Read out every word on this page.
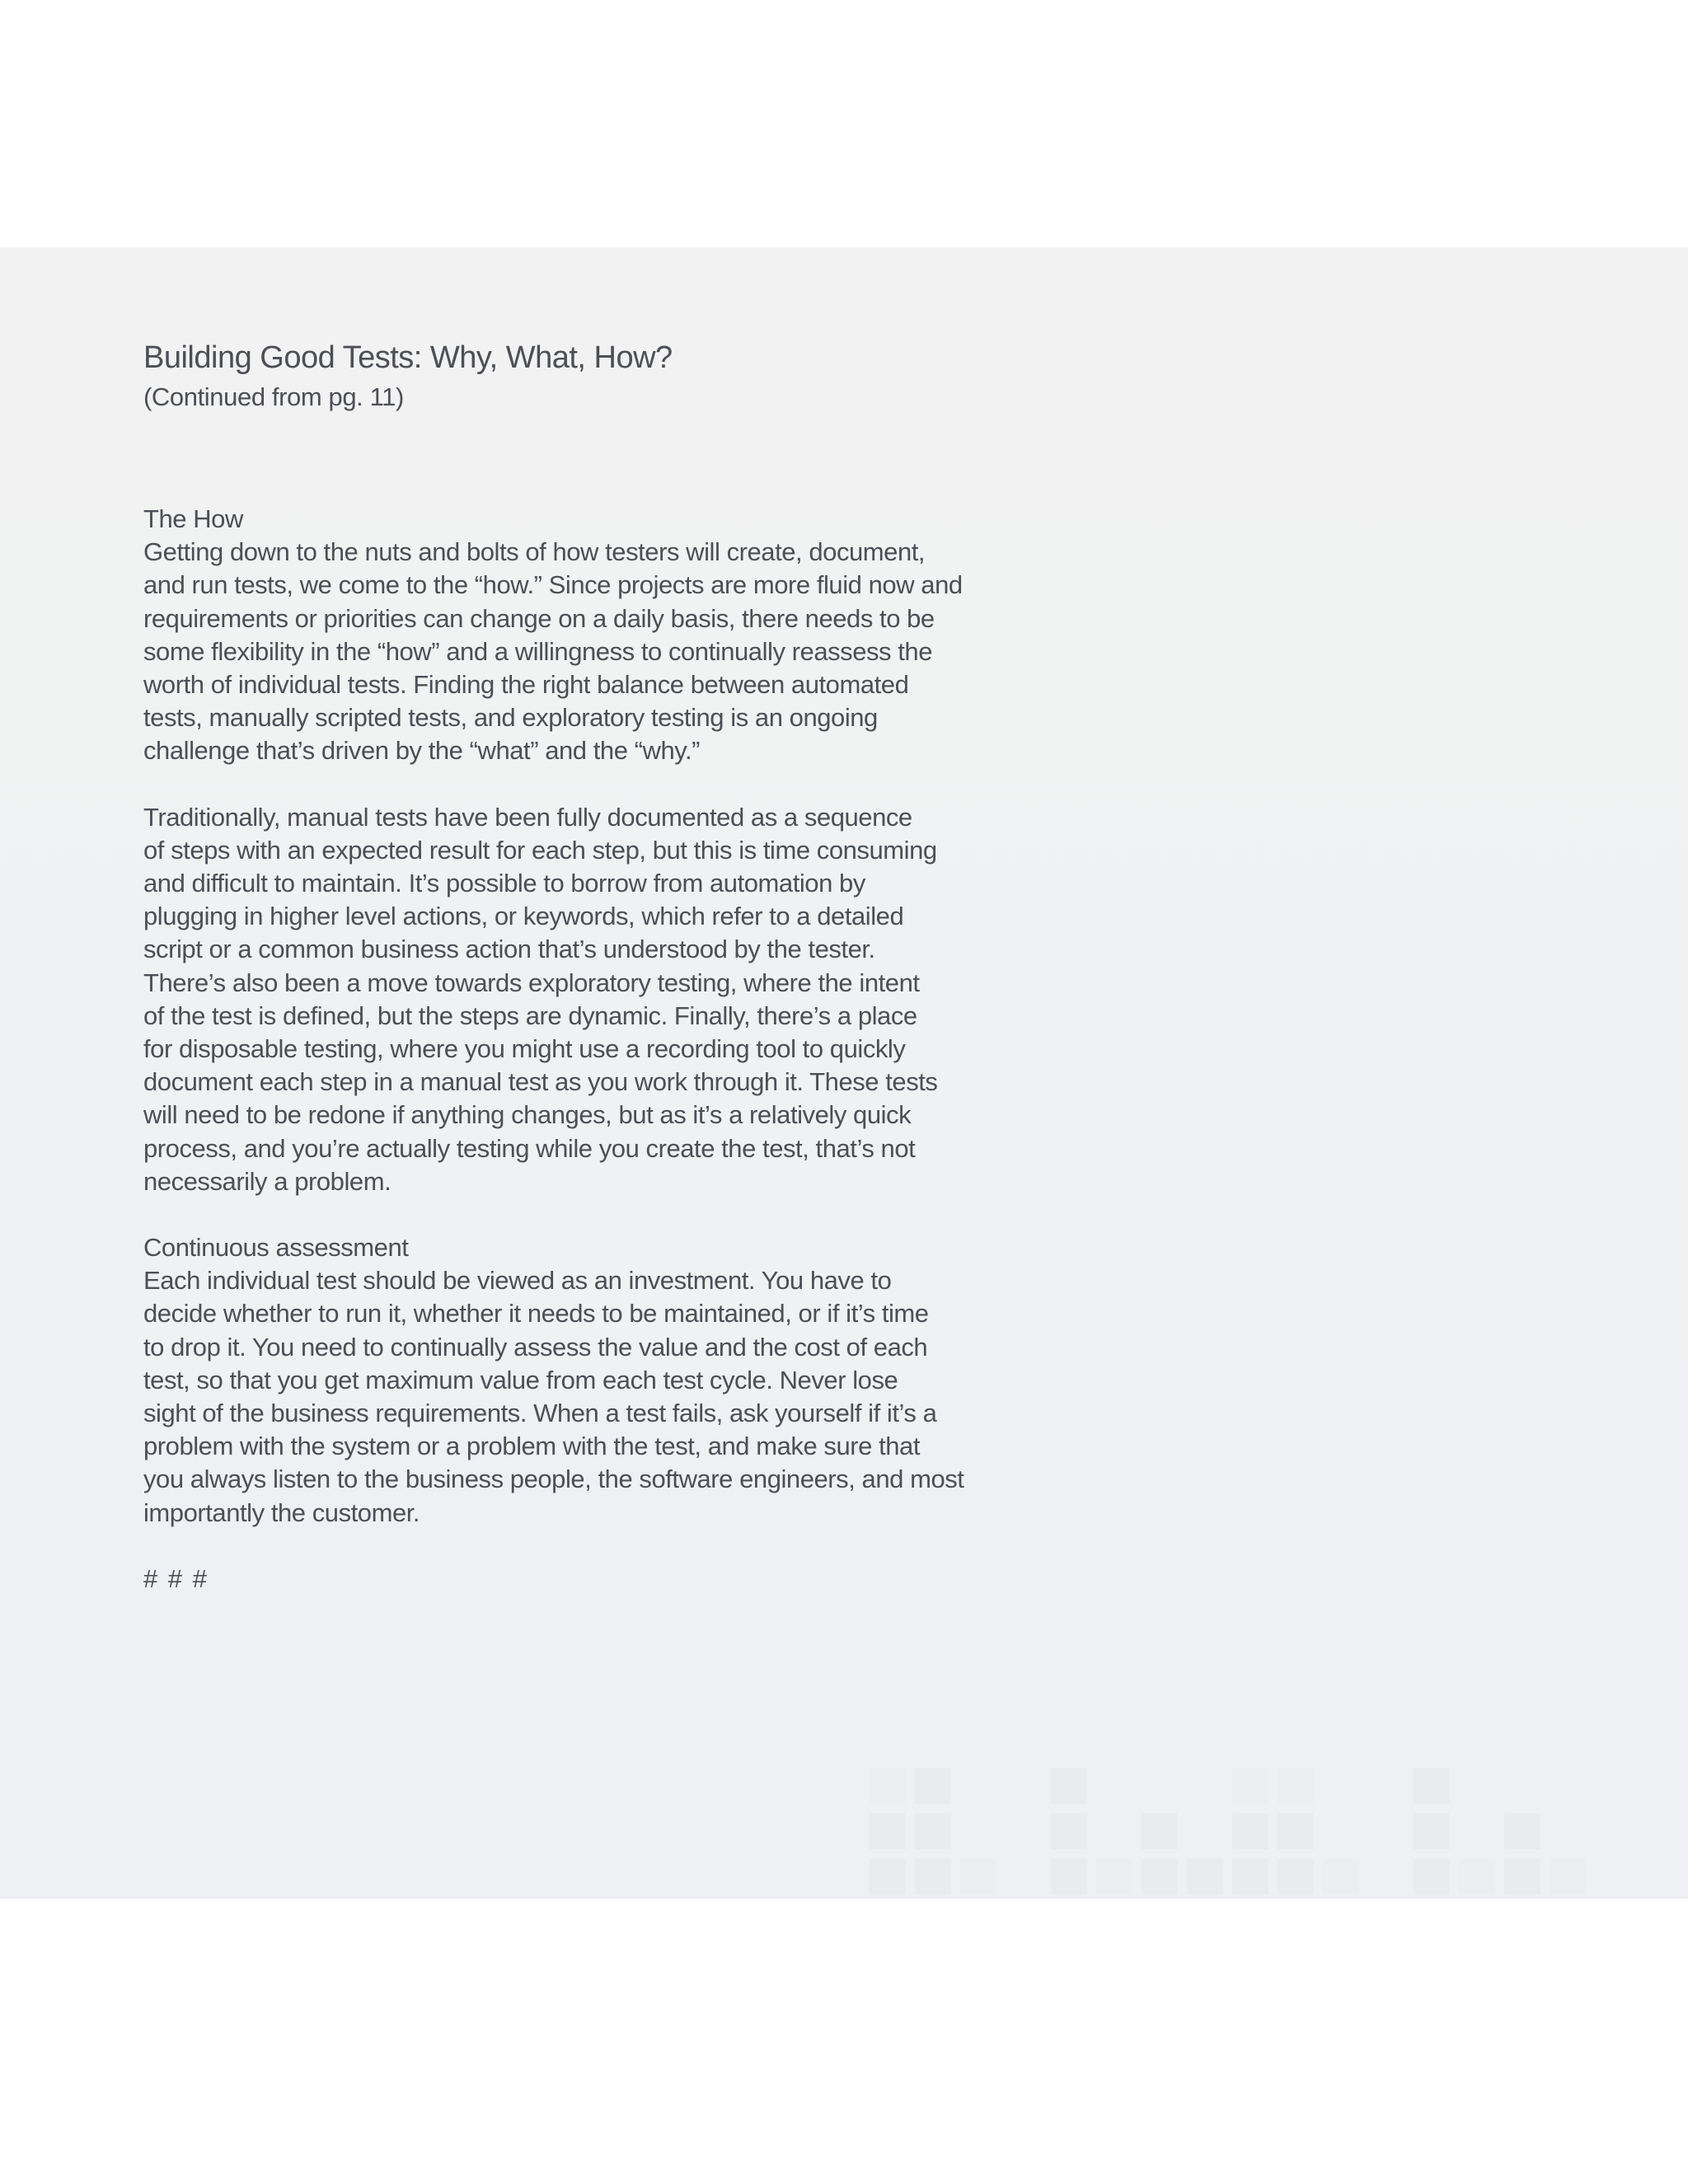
Building Good Tests: Why, What, How?

(Continued from pg. 11)

The How

Getting down to the nuts and bolts of how testers will create, document,
and run tests, we come to the “how.” Since projects are more fluid now and
requirements or priorities can change on a daily basis, there needs to be
some flexibility in the “how” and a willingness to continually reassess the
worth of individual tests. Finding the right balance between automated
tests, manually scripted tests, and exploratory testing is an ongoing
challenge that’s driven by the “what” and the “why.”

Traditionally, manual tests have been fully documented as a sequence
of steps with an expected result for each step, but this is time consuming
and difficult to maintain. It’s possible to borrow from automation by
plugging in higher level actions, or keywords, which refer to a detailed
script or a common business action that’s understood by the tester.
There’s also been a move towards exploratory testing, where the intent
of the test is defined, but the steps are dynamic. Finally, there’s a place
for disposable testing, where you might use a recording tool to quickly
document each step in a manual test as you work through it. These tests
will need to be redone if anything changes, but as it’s a relatively quick
process, and you’re actually testing while you create the test, that’s not
necessarily a problem.

Continuous assessment

Each individual test should be viewed as an investment. You have to
decide whether to run it, whether it needs to be maintained, or if it’s time
to drop it. You need to continually assess the value and the cost of each
test, so that you get maximum value from each test cycle. Never lose
sight of the business requirements. When a test fails, ask yourself if it’s a
problem with the system or a problem with the test, and make sure that
you always listen to the business people, the software engineers, and most
importantly the customer.

# # #
